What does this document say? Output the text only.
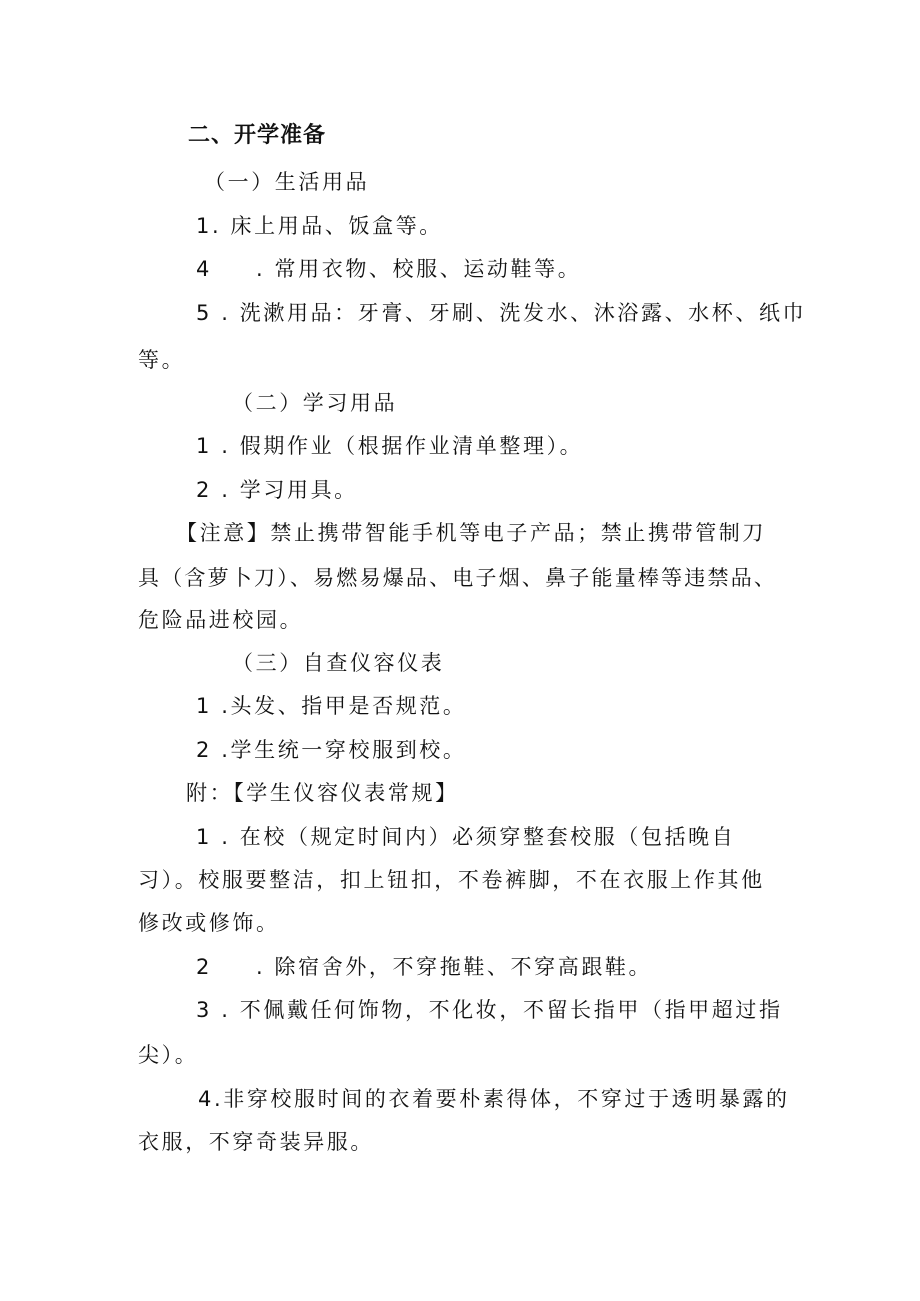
二、开学准备
（一）生活用品
1. 床上用品、饭盒等。
4 . 常用衣物、校服、运动鞋等。
5 . 洗漱用品：牙膏、牙刷、洗发水、沐浴露、水杯、纸巾
等。
（二）学习用品
1 . 假期作业（根据作业清单整理）。
2 . 学习用具。
【注意】禁止携带智能手机等电子产品；禁止携带管制刀
具（含萝卜刀）、易燃易爆品、电子烟、鼻子能量棒等违禁品、
危险品进校园。
（三）自查仪容仪表
1 .头发、指甲是否规范。
2 .学生统一穿校服到校。
附：【学生仪容仪表常规】
1 . 在校（规定时间内）必须穿整套校服（包括晚自
习）。校服要整洁，扣上钮扣，不卷裤脚，不在衣服上作其他
修改或修饰。
2 . 除宿舍外，不穿拖鞋、不穿高跟鞋。
3 . 不佩戴任何饰物，不化妆，不留长指甲（指甲超过指
尖）。
4.非穿校服时间的衣着要朴素得体，不穿过于透明暴露的
衣服，不穿奇装异服。
